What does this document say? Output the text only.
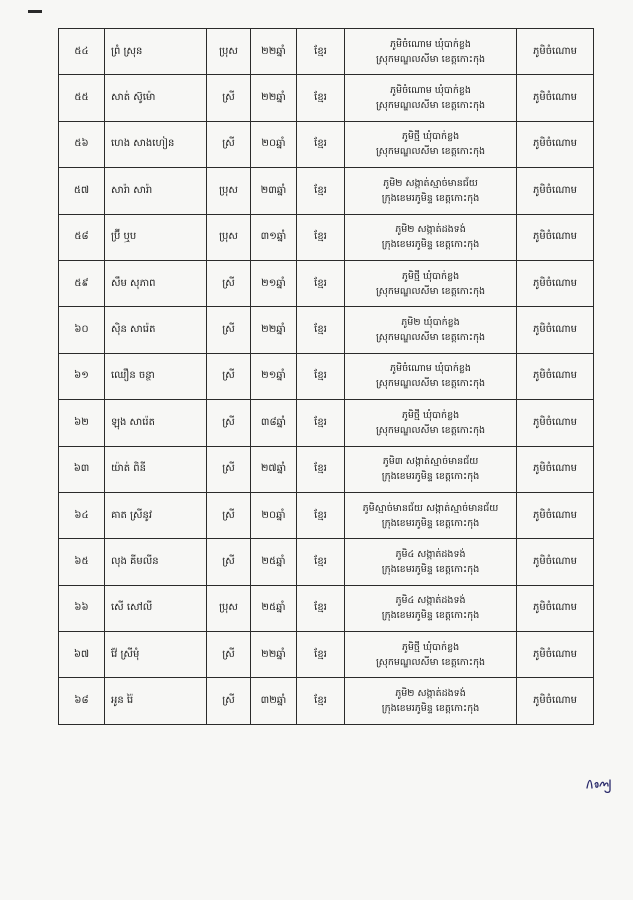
៥៤	ព្រំ ស្រុន	ប្រុស	២២ឆ្នាំ	ខ្មែរ	ភូមិចំណោម ឃុំបាក់ខ្លង
ស្រុកមណ្ឌលសីមា ខេត្តកោះកុង	ភូមិចំណោម
៥៥	សាត់ ស៊ូម៉ោ	ស្រី	២២ឆ្នាំ	ខ្មែរ	ភូមិចំណោម ឃុំបាក់ខ្លង
ស្រុកមណ្ឌលសីមា ខេត្តកោះកុង	ភូមិចំណោម
៥៦	ហេង សាងហៀន	ស្រី	២០ឆ្នាំ	ខ្មែរ	ភូមិថ្មី ឃុំបាក់ខ្លង
ស្រុកមណ្ឌលសីមា ខេត្តកោះកុង	ភូមិចំណោម
៥៧	សារ៉ា សារ៉ា	ប្រុស	២៣ឆ្នាំ	ខ្មែរ	ភូមិ២ សង្កាត់ស្មាច់មានជ័យ
ក្រុងខេមរភូមិន្ទ ខេត្តកោះកុង	ភូមិចំណោម
៥៨	ប្រ៊ី ឬប	ប្រុស	៣១ឆ្នាំ	ខ្មែរ	ភូមិ២ សង្កាត់ដងទង់
ក្រុងខេមរភូមិន្ទ ខេត្តកោះកុង	ភូមិចំណោម
៥៩	សឹម សុភាព	ស្រី	២១ឆ្នាំ	ខ្មែរ	ភូមិថ្មី ឃុំបាក់ខ្លង
ស្រុកមណ្ឌលសីមា ខេត្តកោះកុង	ភូមិចំណោម
៦០	ស៊ិន សារ៉េត	ស្រី	២២ឆ្នាំ	ខ្មែរ	ភូមិ២ ឃុំបាក់ខ្លង
ស្រុកមណ្ឌលសីមា ខេត្តកោះកុង	ភូមិចំណោម
៦១	ឈឿន ចន្ថា	ស្រី	២១ឆ្នាំ	ខ្មែរ	ភូមិចំណោម ឃុំបាក់ខ្លង
ស្រុកមណ្ឌលសីមា ខេត្តកោះកុង	ភូមិចំណោម
៦២	ឡុង សារ៉េត	ស្រី	៣៨ឆ្នាំ	ខ្មែរ	ភូមិថ្មី ឃុំបាក់ខ្លង
ស្រុកមណ្ឌលសីមា ខេត្តកោះកុង	ភូមិចំណោម
៦៣	យ៉ាត់ ពិនី	ស្រី	២៧ឆ្នាំ	ខ្មែរ	ភូមិ៣ សង្កាត់ស្មាច់មានជ័យ
ក្រុងខេមរភូមិន្ទ ខេត្តកោះកុង	ភូមិចំណោម
៦៤	គាត ស្រីនូវ	ស្រី	២០ឆ្នាំ	ខ្មែរ	ភូមិស្មាច់មានជ័យ សង្កាត់ស្មាច់មានជ័យ
ក្រុងខេមរភូមិន្ទ ខេត្តកោះកុង	ភូមិចំណោម
៦៥	លុង គីមលីន	ស្រី	២៥ឆ្នាំ	ខ្មែរ	ភូមិ៤ សង្កាត់ដងទង់
ក្រុងខេមរភូមិន្ទ ខេត្តកោះកុង	ភូមិចំណោម
៦៦	សើ សៅលី	ប្រុស	២៥ឆ្នាំ	ខ្មែរ	ភូមិ៤ សង្កាត់ដងទង់
ក្រុងខេមរភូមិន្ទ ខេត្តកោះកុង	ភូមិចំណោម
៦៧	វ៉ែ ស្រីមុំ	ស្រី	២២ឆ្នាំ	ខ្មែរ	ភូមិថ្មី ឃុំបាក់ខ្លង
ស្រុកមណ្ឌលសីមា ខេត្តកោះកុង	ភូមិចំណោម
៦៨	អូន រ៉ៃ	ស្រី	៣២ឆ្នាំ	ខ្មែរ	ភូមិ២ សង្កាត់ដងទង់
ក្រុងខេមរភូមិន្ទ ខេត្តកោះកុង	ភូមិចំណោម
